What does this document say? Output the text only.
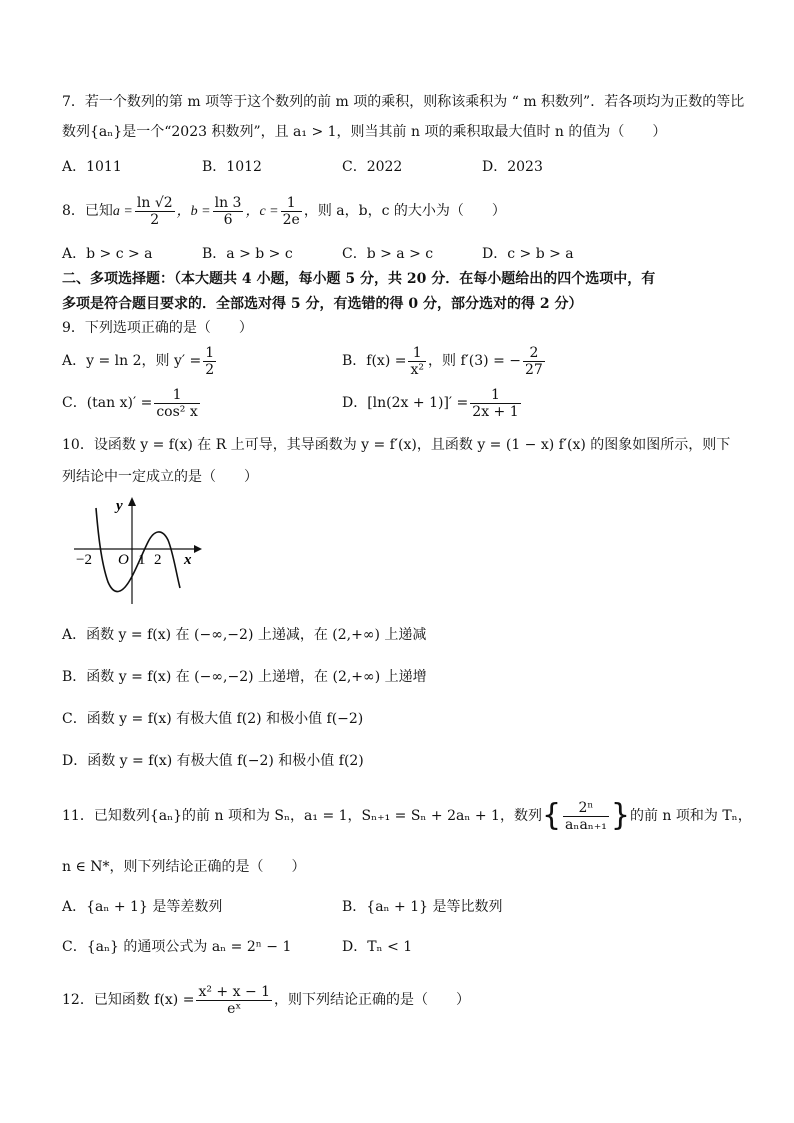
7．若一个数列的第 m 项等于这个数列的前 m 项的乘积，则称该乘积为 “ m 积数列”．若各项均为正数的等比
数列{aₙ}是一个“2023 积数列”，且 a₁ > 1，则当其前 n 项的乘积取最大值时 n 的值为（　　）
A．1011	B．1012	C．2022	D．2023
8．已知$a = \frac{\ln √2}{2}$ ，$b = \frac{\ln 3}{6}$ ，$c = \frac{1}{2e}$ ，则 a，b，c 的大小为（　　）
A．b > c > a	B．a > b > c	C．b > a > c	D．c > b > a
二、多项选择题：（本大题共 4 小题，每小题 5 分，共 20 分．在每小题给出的四个选项中，有
多项是符合题目要求的．全部选对得 5 分，有选错的得 0 分，部分选对的得 2 分）
9．下列选项正确的是（　　）
A．y = ln 2，则 $y' = \frac{1}{2}$	B．$f(x) = \frac{1}{\text{x²}}$ ，则 f′(3) = − $\frac{2}{27}$
C．(tan $x)' = \frac{1}{\text{cos² x}}$	D．$[\ln(2x + 1)]' = \frac{1}{2x + 1}$
10．设函数 y = f(x) 在 R 上可导，其导函数为 y = f′(x)，且函数 y = (1 − x) f′(x) 的图象如图所示，则下
列结论中一定成立的是（　　）
y
x
O
−2	1 2
A．函数 y = f(x) 在 (−∞,−2) 上递减，在 (2,+∞) 上递减
B．函数 y = f(x) 在 (−∞,−2) 上递增，在 (2,+∞) 上递增
C．函数 y = f(x) 有极大值 f(2) 和极小值 f(−2)
D．函数 y = f(x) 有极大值 f(−2) 和极小值 f(2)
11．已知数列{aₙ}的前 n 项和为 Sₙ，a₁ = 1，Sₙ₊₁ = Sₙ + 2aₙ + 1，数列{ $\frac{\text{2ⁿ}}{\text{aₙaₙ₊₁}}$ }的前 n 项和为 Tₙ，
n ∈ N*，则下列结论正确的是（　　）
A．{aₙ + 1} 是等差数列	B．{aₙ + 1} 是等比数列
C．{aₙ} 的通项公式为 aₙ = 2ⁿ − 1	D．Tₙ < 1
12．已知函数 $f(x) = \frac{\text{x² + x − 1}}{\text{eˣ}}$ ，则下列结论正确的是（　　）
